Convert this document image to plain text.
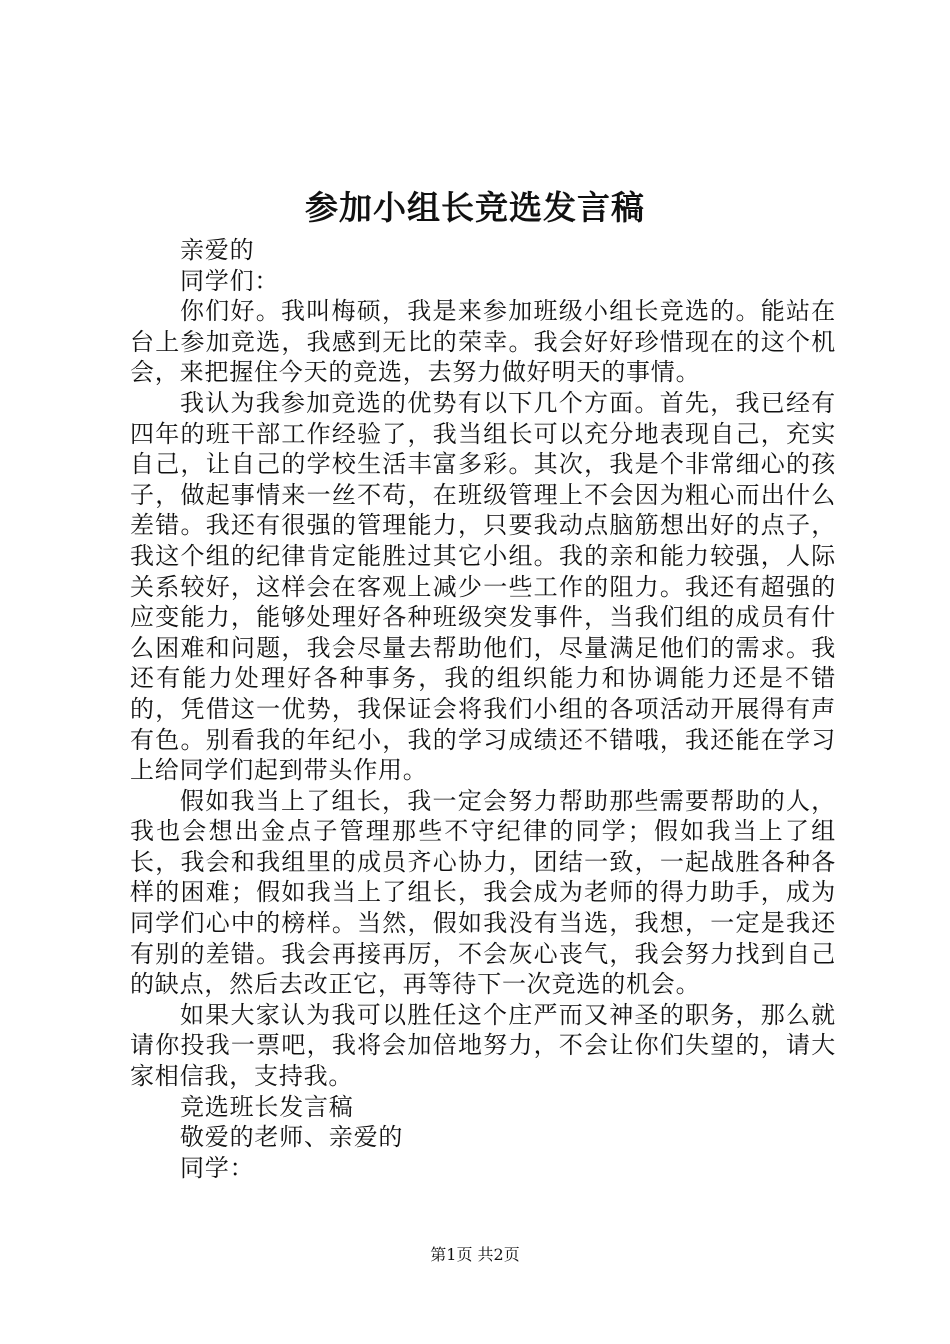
参加小组长竞选发言稿

亲爱的

同学们：

你们好。我叫梅硕，我是来参加班级小组长竞选的。能站在台上参加竞选，我感到无比的荣幸。我会好好珍惜现在的这个机会，来把握住今天的竞选，去努力做好明天的事情。

我认为我参加竞选的优势有以下几个方面。首先，我已经有四年的班干部工作经验了，我当组长可以充分地表现自己，充实自己，让自己的学校生活丰富多彩。其次，我是个非常细心的孩子，做起事情来一丝不苟，在班级管理上不会因为粗心而出什么差错。我还有很强的管理能力，只要我动点脑筋想出好的点子，我这个组的纪律肯定能胜过其它小组。我的亲和能力较强，人际关系较好，这样会在客观上减少一些工作的阻力。我还有超强的应变能力，能够处理好各种班级突发事件，当我们组的成员有什么困难和问题，我会尽量去帮助他们，尽量满足他们的需求。我还有能力处理好各种事务，我的组织能力和协调能力还是不错的，凭借这一优势，我保证会将我们小组的各项活动开展得有声有色。别看我的年纪小，我的学习成绩还不错哦，我还能在学习上给同学们起到带头作用。

假如我当上了组长，我一定会努力帮助那些需要帮助的人，我也会想出金点子管理那些不守纪律的同学；假如我当上了组长，我会和我组里的成员齐心协力，团结一致，一起战胜各种各样的困难；假如我当上了组长，我会成为老师的得力助手，成为同学们心中的榜样。当然，假如我没有当选，我想，一定是我还有别的差错。我会再接再厉，不会灰心丧气，我会努力找到自己的缺点，然后去改正它，再等待下一次竞选的机会。

如果大家认为我可以胜任这个庄严而又神圣的职务，那么就请你投我一票吧，我将会加倍地努力，不会让你们失望的，请大家相信我，支持我。

竞选班长发言稿

敬爱的老师、亲爱的

同学：

第1页 共2页
